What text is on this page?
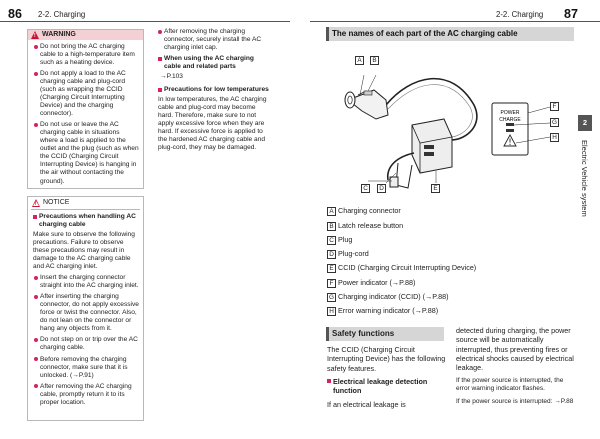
86 2-2. Charging
!
WARNING
Do not bring the AC charging cable to a high-temperature item such as a heating device.
Do not apply a load to the AC charging cable and plug-cord (such as wrapping the CCID (Charging Circuit Interrupting Device) and the charging connector).
Do not use or leave the AC charging cable in situations where a load is applied to the outlet and the plug (such as when the CCID (Charging Circuit Interrupting Device) is hanging in the air without contacting the ground).
!
NOTICE
Precautions when handling AC charging cable

Make sure to observe the following precautions. Failure to observe these precautions may result in damage to the AC charging cable and AC charging inlet.

Insert the charging connector straight into the AC charging inlet.
After inserting the charging connector, do not apply excessive force or twist the connector. Also, do not lean on the connector or hang any objects from it.
Do not step on or trip over the AC charging cable.
Before removing the charging connector, make sure that it is unlocked. (→P.91)
After removing the AC charging cable, promptly return it to its proper location.
After removing the charging connector, securely install the AC charging inlet cap.
When using the AC charging cable and related parts

→P.103

Precautions for low temperatures

In low temperatures, the AC charging cable and plug-cord may become hard. Therefore, make sure to not apply excessive force when they are hard. If excessive force is applied to the hardened AC charging cable and plug-cord, they may be damaged.

2-2. Charging 87
The names of each part of the AC charging cable
2
Electric Vehicle system
POWER
CHARGE
A	B
C	D	E
F
G
H
A Charging connector
B Latch release button
C Plug
D Plug-cord
E CCID (Charging Circuit Interrupting Device)
F Power indicator (→P.88)
G Charging indicator (CCID) (→P.88)
H Error warning indicator (→P.88)
Safety functions
The CCID (Charging Circuit Interrupting Device) has the following safety features.
Electrical leakage detection function
If an electrical leakage is
detected during charging, the power source will be automatically interrupted, thus preventing fires or electrical shocks caused by electrical leakage.
If the power source is interrupted, the error warning indicator flashes.
If the power source is interrupted: →P.88
